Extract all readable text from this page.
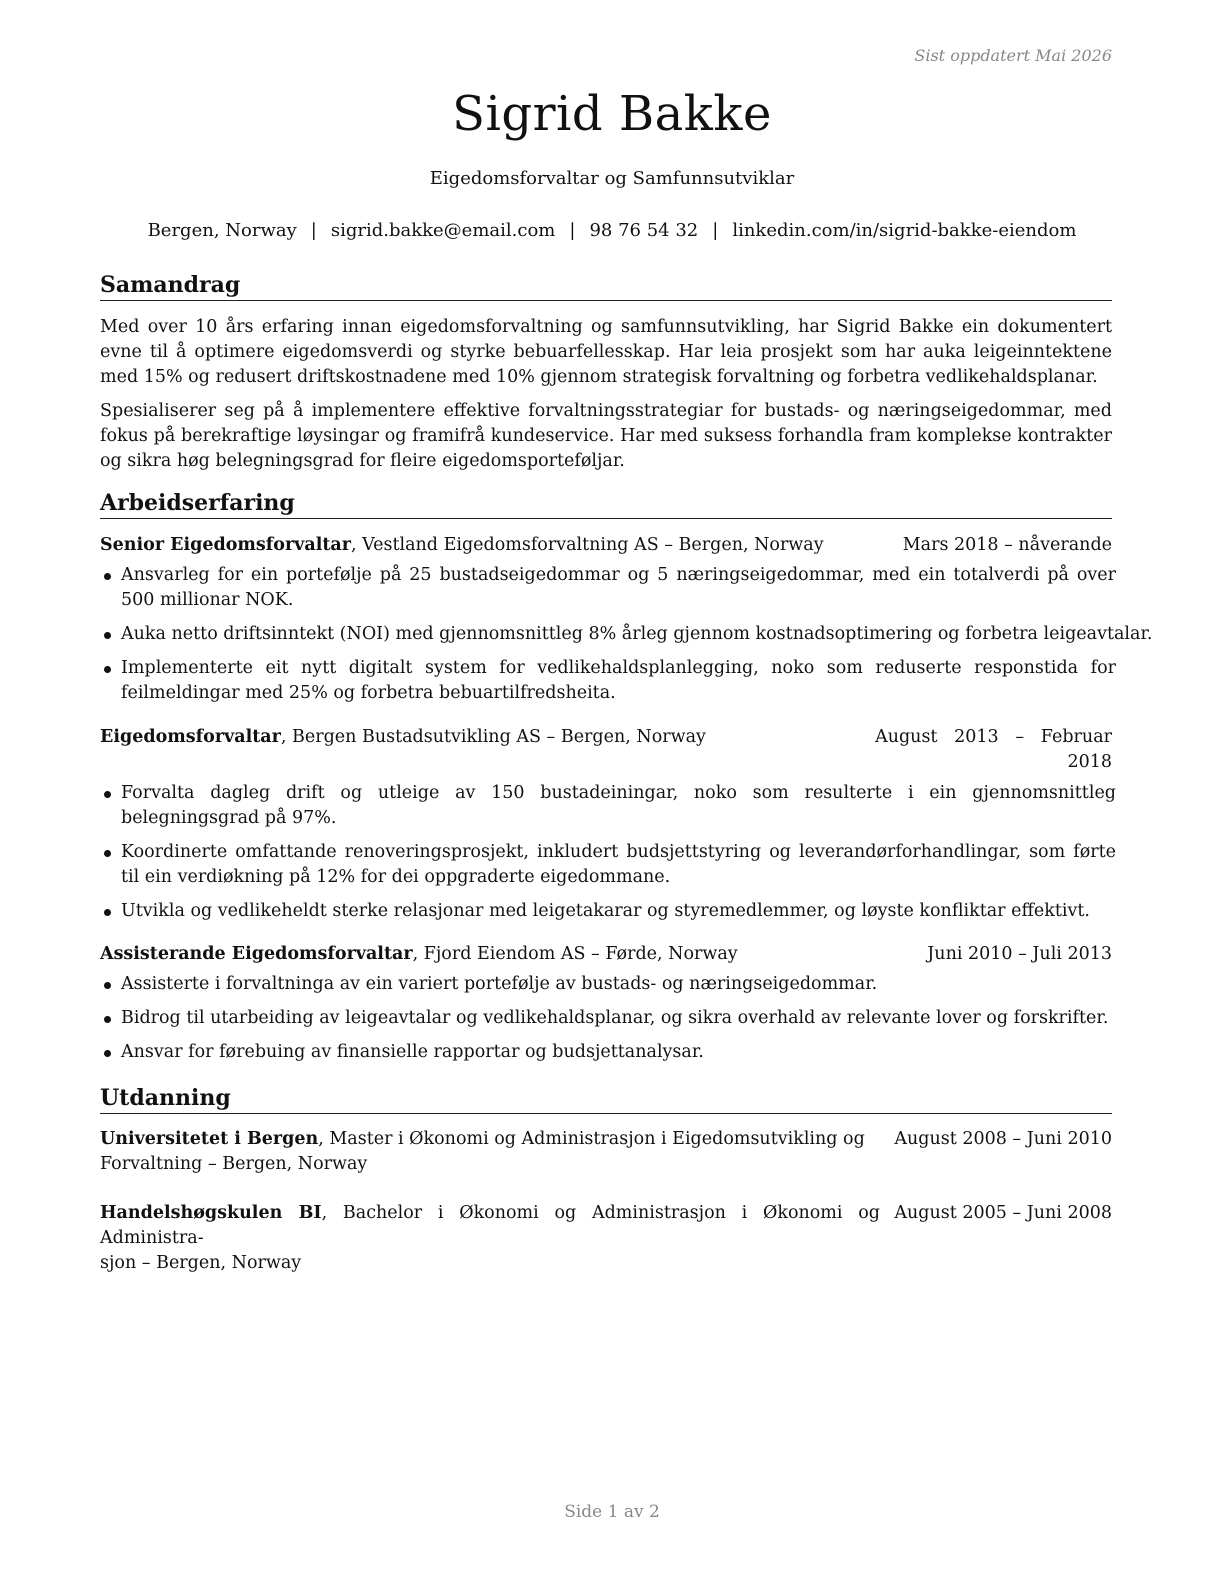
Sist oppdatert Mai 2026
Sigrid Bakke
Eigedomsforvaltar og Samfunnsutviklar
Bergen, Norway | sigrid.bakke@email.com | 98 76 54 32 | linkedin.com/in/sigrid-bakke-eiendom
Samandrag

Med over 10 års erfaring innan eigedomsforvaltning og samfunnsutvikling, har Sigrid Bakke ein dokumentert evne til å optimere eigedomsverdi og styrke bebuarfellesskap. Har leia prosjekt som har auka leigeinntektene med 15% og redusert driftskostnadene med 10% gjennom strategisk forvaltning og forbetra vedlikehaldsplanar.

Spesialiserer seg på å implementere effektive forvaltningsstrategiar for bustads- og næringseigedommar, med fokus på berekraftige løysingar og framifrå kundeservice. Har med suksess forhandla fram komplekse kontrakter og sikra høg belegningsgrad for fleire eigedomsporteføljar.

Arbeidserfaring
Senior Eigedomsforvaltar, Vestland Eigedomsforvaltning AS – Bergen, Norway	Mars 2018 – nåverande
Ansvarleg for ein portefølje på 25 bustadseigedommar og 5 næringseigedommar, med ein totalverdi på over 500 millionar NOK.
Auka netto driftsinntekt (NOI) med gjennomsnittleg 8% årleg gjennom kostnadsoptimering og forbetra leigeavtalar.
Implementerte eit nytt digitalt system for vedlikehaldsplanlegging, noko som reduserte responstida for feilmeldingar med 25% og forbetra bebuartilfredsheita.
Eigedomsforvaltar, Bergen Bustadsutvikling AS – Bergen, Norway	August   2013   –   Februar
2018
Forvalta dagleg drift og utleige av 150 bustadeiningar, noko som resulterte i ein gjennomsnittleg belegningsgrad på 97%.
Koordinerte omfattande renoveringsprosjekt, inkludert budsjettstyring og leverandørforhandlingar, som førte til ein verdiøkning på 12% for dei oppgraderte eigedommane.
Utvikla og vedlikeheldt sterke relasjonar med leigetakarar og styremedlemmer, og løyste konfliktar effektivt.
Assisterande Eigedomsforvaltar, Fjord Eiendom AS – Førde, Norway	Juni 2010 – Juli 2013
Assisterte i forvaltninga av ein variert portefølje av bustads- og næringseigedommar.
Bidrog til utarbeiding av leigeavtalar og vedlikehaldsplanar, og sikra overhald av relevante lover og forskrifter.
Ansvar for førebuing av finansielle rapportar og budsjettanalysar.
Utdanning
Universitetet i Bergen, Master i Økonomi og Administrasjon i Eigedomsutvikling og
Forvaltning – Bergen, Norway
August 2008 – Juni 2010
Handelshøgskulen BI, Bachelor i Økonomi og Administrasjon i Økonomi og Administra-
sjon – Bergen, Norway
August 2005 – Juni 2008
Side 1 av 2
